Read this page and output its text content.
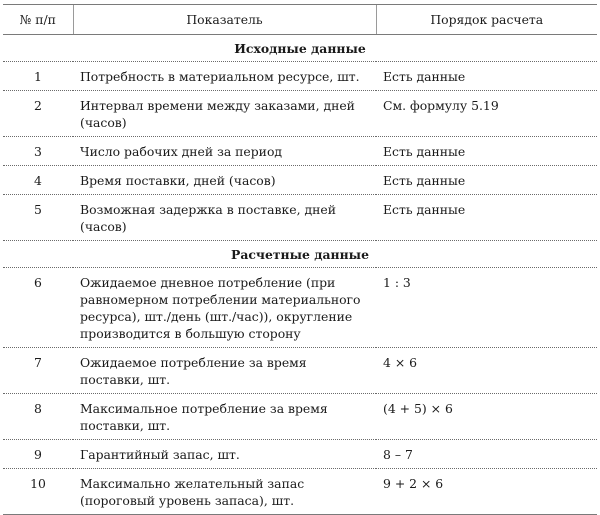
№ п/п	Показатель	Порядок расчета
Исходные данные		
1	Потребность в материальном ресурсе, шт.	Есть данные
2	Интервал времени между заказами, дней (часов)	См. формулу 5.19
3	Число рабочих дней за период	Есть данные
4	Время поставки, дней (часов)	Есть данные
5	Возможная задержка в поставке, дней (часов)	Есть данные
Расчетные данные		
6	Ожидаемое дневное потребление (при равномерном потреблении материального ресурса), шт./день (шт./час)), округление производится в большую сторону	1 : 3
7	Ожидаемое потребление за время поставки, шт.	4 × 6
8	Максимальное потребление за время поставки, шт.	(4 + 5) × 6
9	Гарантийный запас, шт.	8 – 7
10	Максимально желательный запас (пороговый уровень запаса), шт.	9 + 2 × 6
